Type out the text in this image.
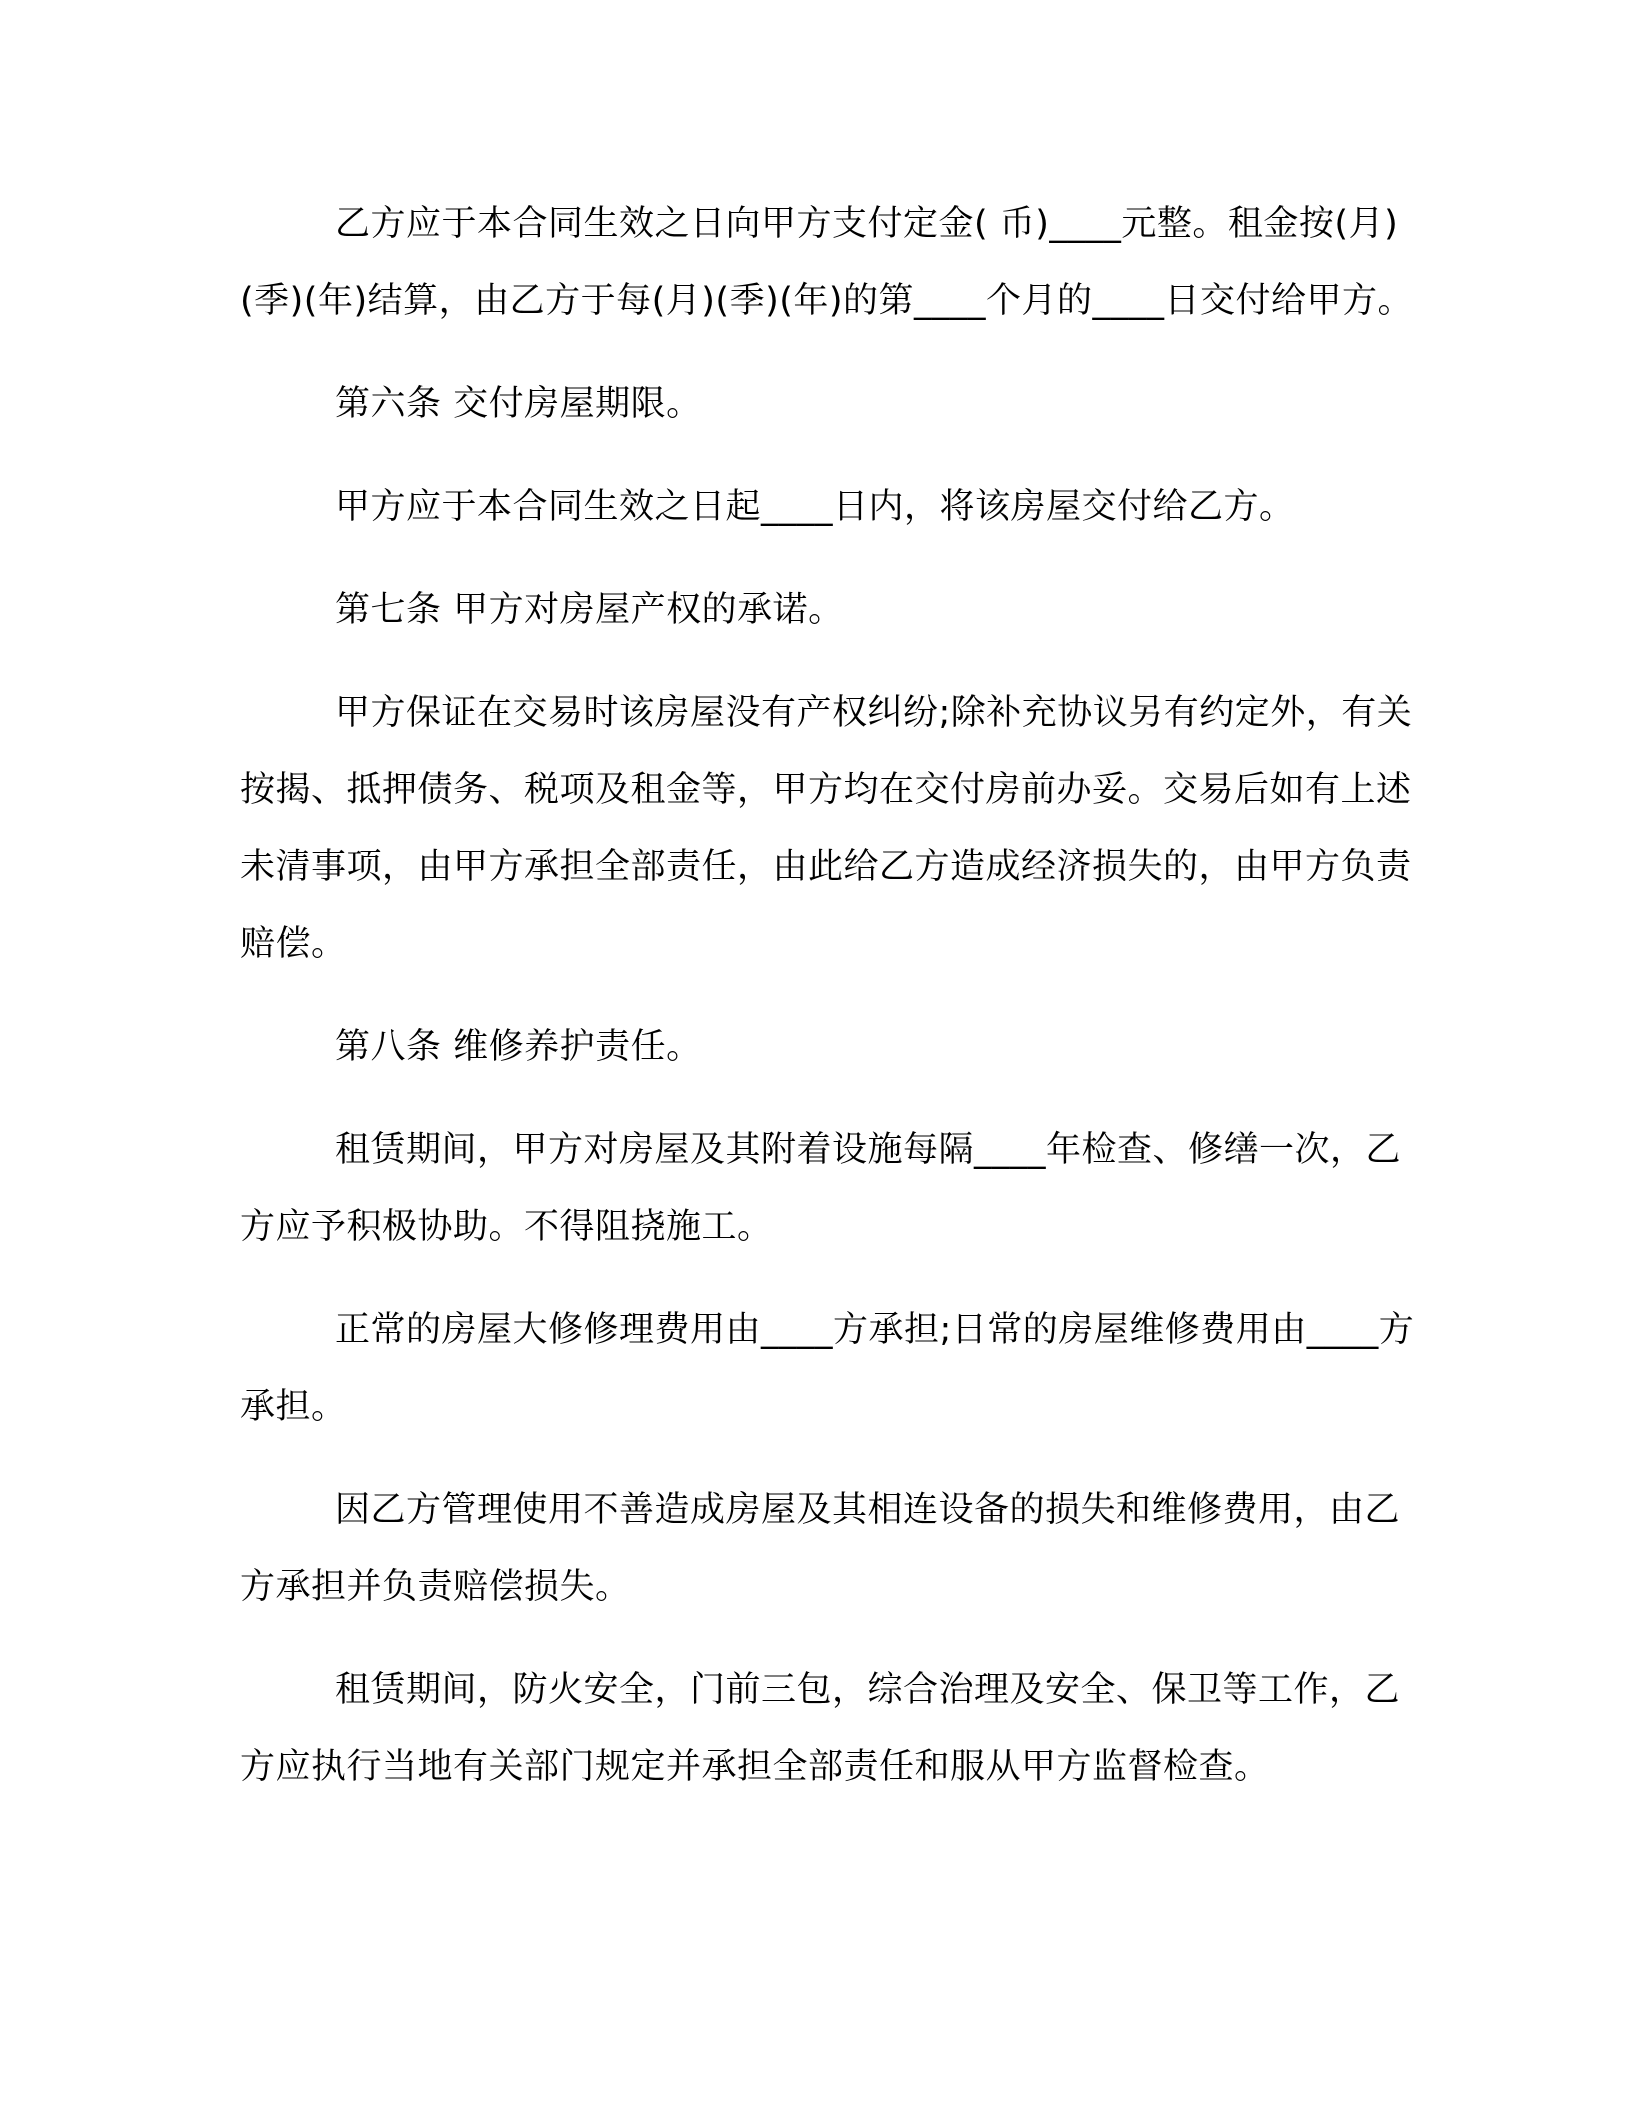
乙方应于本合同生效之日向甲方支付定金( 币)____元整。租金按(月)(季)(年)结算，由乙方于每(月)(季)(年)的第____个月的____日交付给甲方。

第六条 交付房屋期限。

甲方应于本合同生效之日起____日内，将该房屋交付给乙方。

第七条 甲方对房屋产权的承诺。

甲方保证在交易时该房屋没有产权纠纷;除补充协议另有约定外，有关按揭、抵押债务、税项及租金等，甲方均在交付房前办妥。交易后如有上述未清事项，由甲方承担全部责任，由此给乙方造成经济损失的，由甲方负责赔偿。

第八条 维修养护责任。

租赁期间，甲方对房屋及其附着设施每隔____年检查、修缮一次，乙方应予积极协助。不得阻挠施工。

正常的房屋大修修理费用由____方承担;日常的房屋维修费用由____方承担。

因乙方管理使用不善造成房屋及其相连设备的损失和维修费用，由乙方承担并负责赔偿损失。

租赁期间，防火安全，门前三包，综合治理及安全、保卫等工作，乙方应执行当地有关部门规定并承担全部责任和服从甲方监督检查。
